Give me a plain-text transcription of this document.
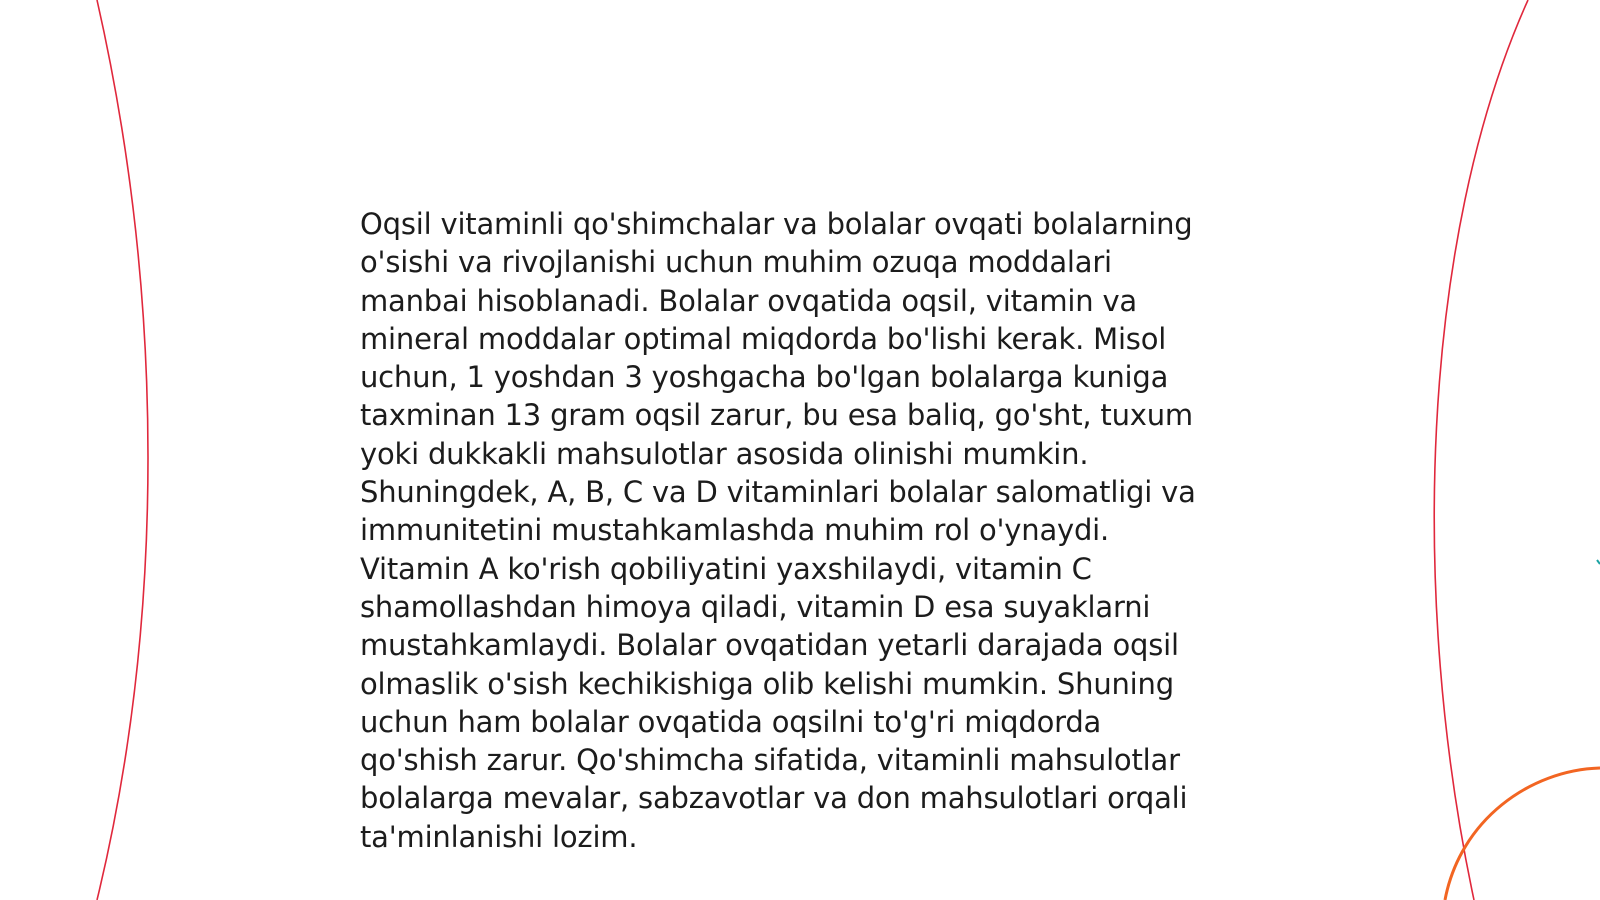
Oqsil vitaminli qo'shimchalar va bolalar ovqati bolalarning
o'sishi va rivojlanishi uchun muhim ozuqa moddalari
manbai hisoblanadi. Bolalar ovqatida oqsil, vitamin va
mineral moddalar optimal miqdorda bo'lishi kerak. Misol
uchun, 1 yoshdan 3 yoshgacha bo'lgan bolalarga kuniga
taxminan 13 gram oqsil zarur, bu esa baliq, go'sht, tuxum
yoki dukkakli mahsulotlar asosida olinishi mumkin.
Shuningdek, A, B, C va D vitaminlari bolalar salomatligi va
immunitetini mustahkamlashda muhim rol o'ynaydi.
Vitamin A ko'rish qobiliyatini yaxshilaydi, vitamin C
shamollashdan himoya qiladi, vitamin D esa suyaklarni
mustahkamlaydi. Bolalar ovqatidan yetarli darajada oqsil
olmaslik o'sish kechikishiga olib kelishi mumkin. Shuning
uchun ham bolalar ovqatida oqsilni to'g'ri miqdorda
qo'shish zarur. Qo'shimcha sifatida, vitaminli mahsulotlar
bolalarga mevalar, sabzavotlar va don mahsulotlari orqali
ta'minlanishi lozim.
